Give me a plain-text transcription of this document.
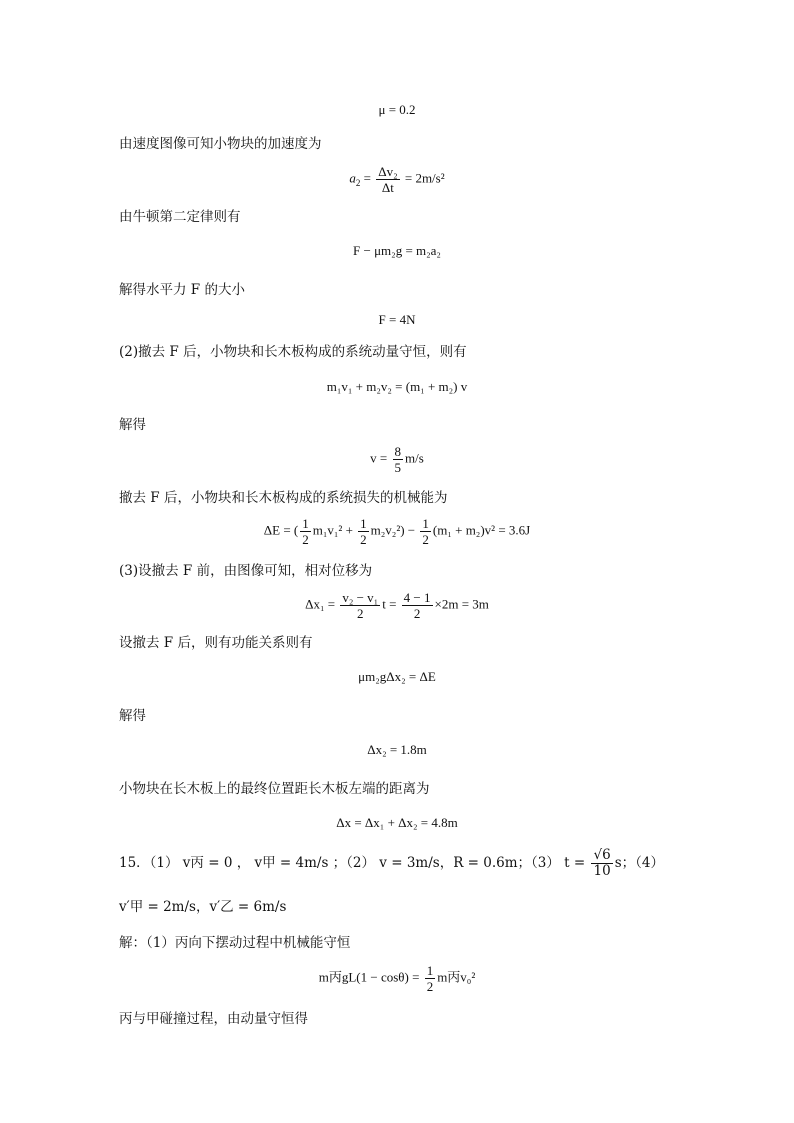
μ = 0.2
由速度图像可知小物块的加速度为
$a_2 = \frac{\text{Δv₂}}{\Delta t} = 2m/s^2$
由牛顿第二定律则有
F − μm₂g = m₂a₂
解得水平力 F 的大小
F = 4N
(2)撤去 F 后，小物块和长木板构成的系统动量守恒，则有
m₁v₁ + m₂v₂ = (m₁ + m₂) v
解得
$v = \frac{8}{5} m/s$
撤去 F 后，小物块和长木板构成的系统损失的机械能为
ΔE = ( $\frac{1}{2} m_1v_1^2 + \frac{1}{2} m_2v_2^2) - \frac{1}{2} (m_1 + m_2)v^2 = 3.6J$
(3)设撤去 F 前，由图像可知，相对位移为
$\Delta x_1 = \frac{\text{v₂ − v₁}}{2}$ $t = \frac{4 - 1}{2} \times 2m = 3m$
设撤去 F 后，则有功能关系则有
μm₂gΔx₂ = ΔE
解得
Δx₂ = 1.8m
小物块在长木板上的最终位置距长木板左端的距离为
Δx = Δx₁ + Δx₂ = 4.8m
15．（1） v丙 = 0 ， v甲 = 4m/s ；（2） v = 3m/s，R = 0.6m；（3） $t = \frac{√6}{10}$ s；（4）
v′甲 = 2m/s，v′乙 = 6m/s
解：（1）丙向下摆动过程中机械能守恒
m丙$gL(1 - \cos\theta) = \frac{1}{2}$ m丙v₀²
丙与甲碰撞过程，由动量守恒得
